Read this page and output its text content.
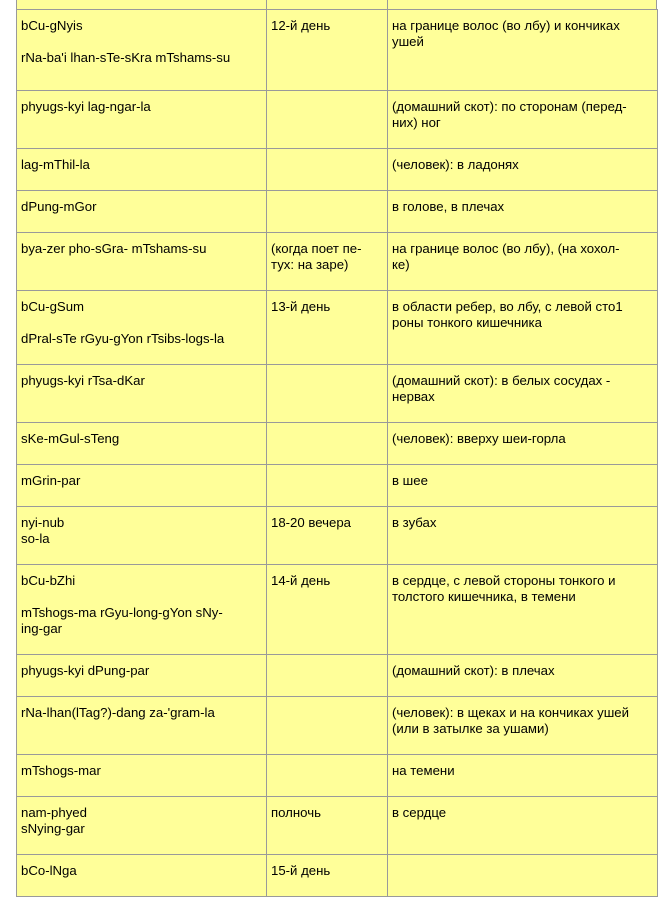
bCu-gNyis
rNa-ba'i lhan-sTe-sKra mTshams-su	12-й день	на границе волос (во лбу) и кончиках
ушей

phyugs-kyi lag-ngar-la		(домашний скот): по сторонам (перед-
них) ног

lag-mThil-la		(человек): в ладонях

dPung-mGor		в голове, в плечах

bya-zer pho-sGra- mTshams-su	(когда поет пе-
тух: на заре)	на границе волос (во лбу), (на хохол-
ке)

bCu-gSum
dPral-sTe rGyu-gYon rTsibs-logs-la	13-й день	в области ребер, во лбу, с левой сто1
роны тонкого кишечника

phyugs-kyi rTsa-dKar		(домашний скот): в белых сосудах -
нервах

sKe-mGul-sTeng		(человек): вверху шеи-горла

mGrin-par		в шее

nyi-nub
so-la	18-20 вечера	в зубах

bCu-bZhi
mTshogs-ma rGyu-long-gYon sNy-
ing-gar	14-й день	в сердце, с левой стороны тонкого и
толстого кишечника, в темени

phyugs-kyi dPung-par		(домашний скот): в плечах

rNa-lhan(lTag?)-dang za-'gram-la		(человек): в щеках и на кончиках ушей
(или в затылке за ушами)

mTshogs-mar		на темени

nam-phyed
sNying-gar	полночь	в сердце

bCo-lNga	15-й день	
